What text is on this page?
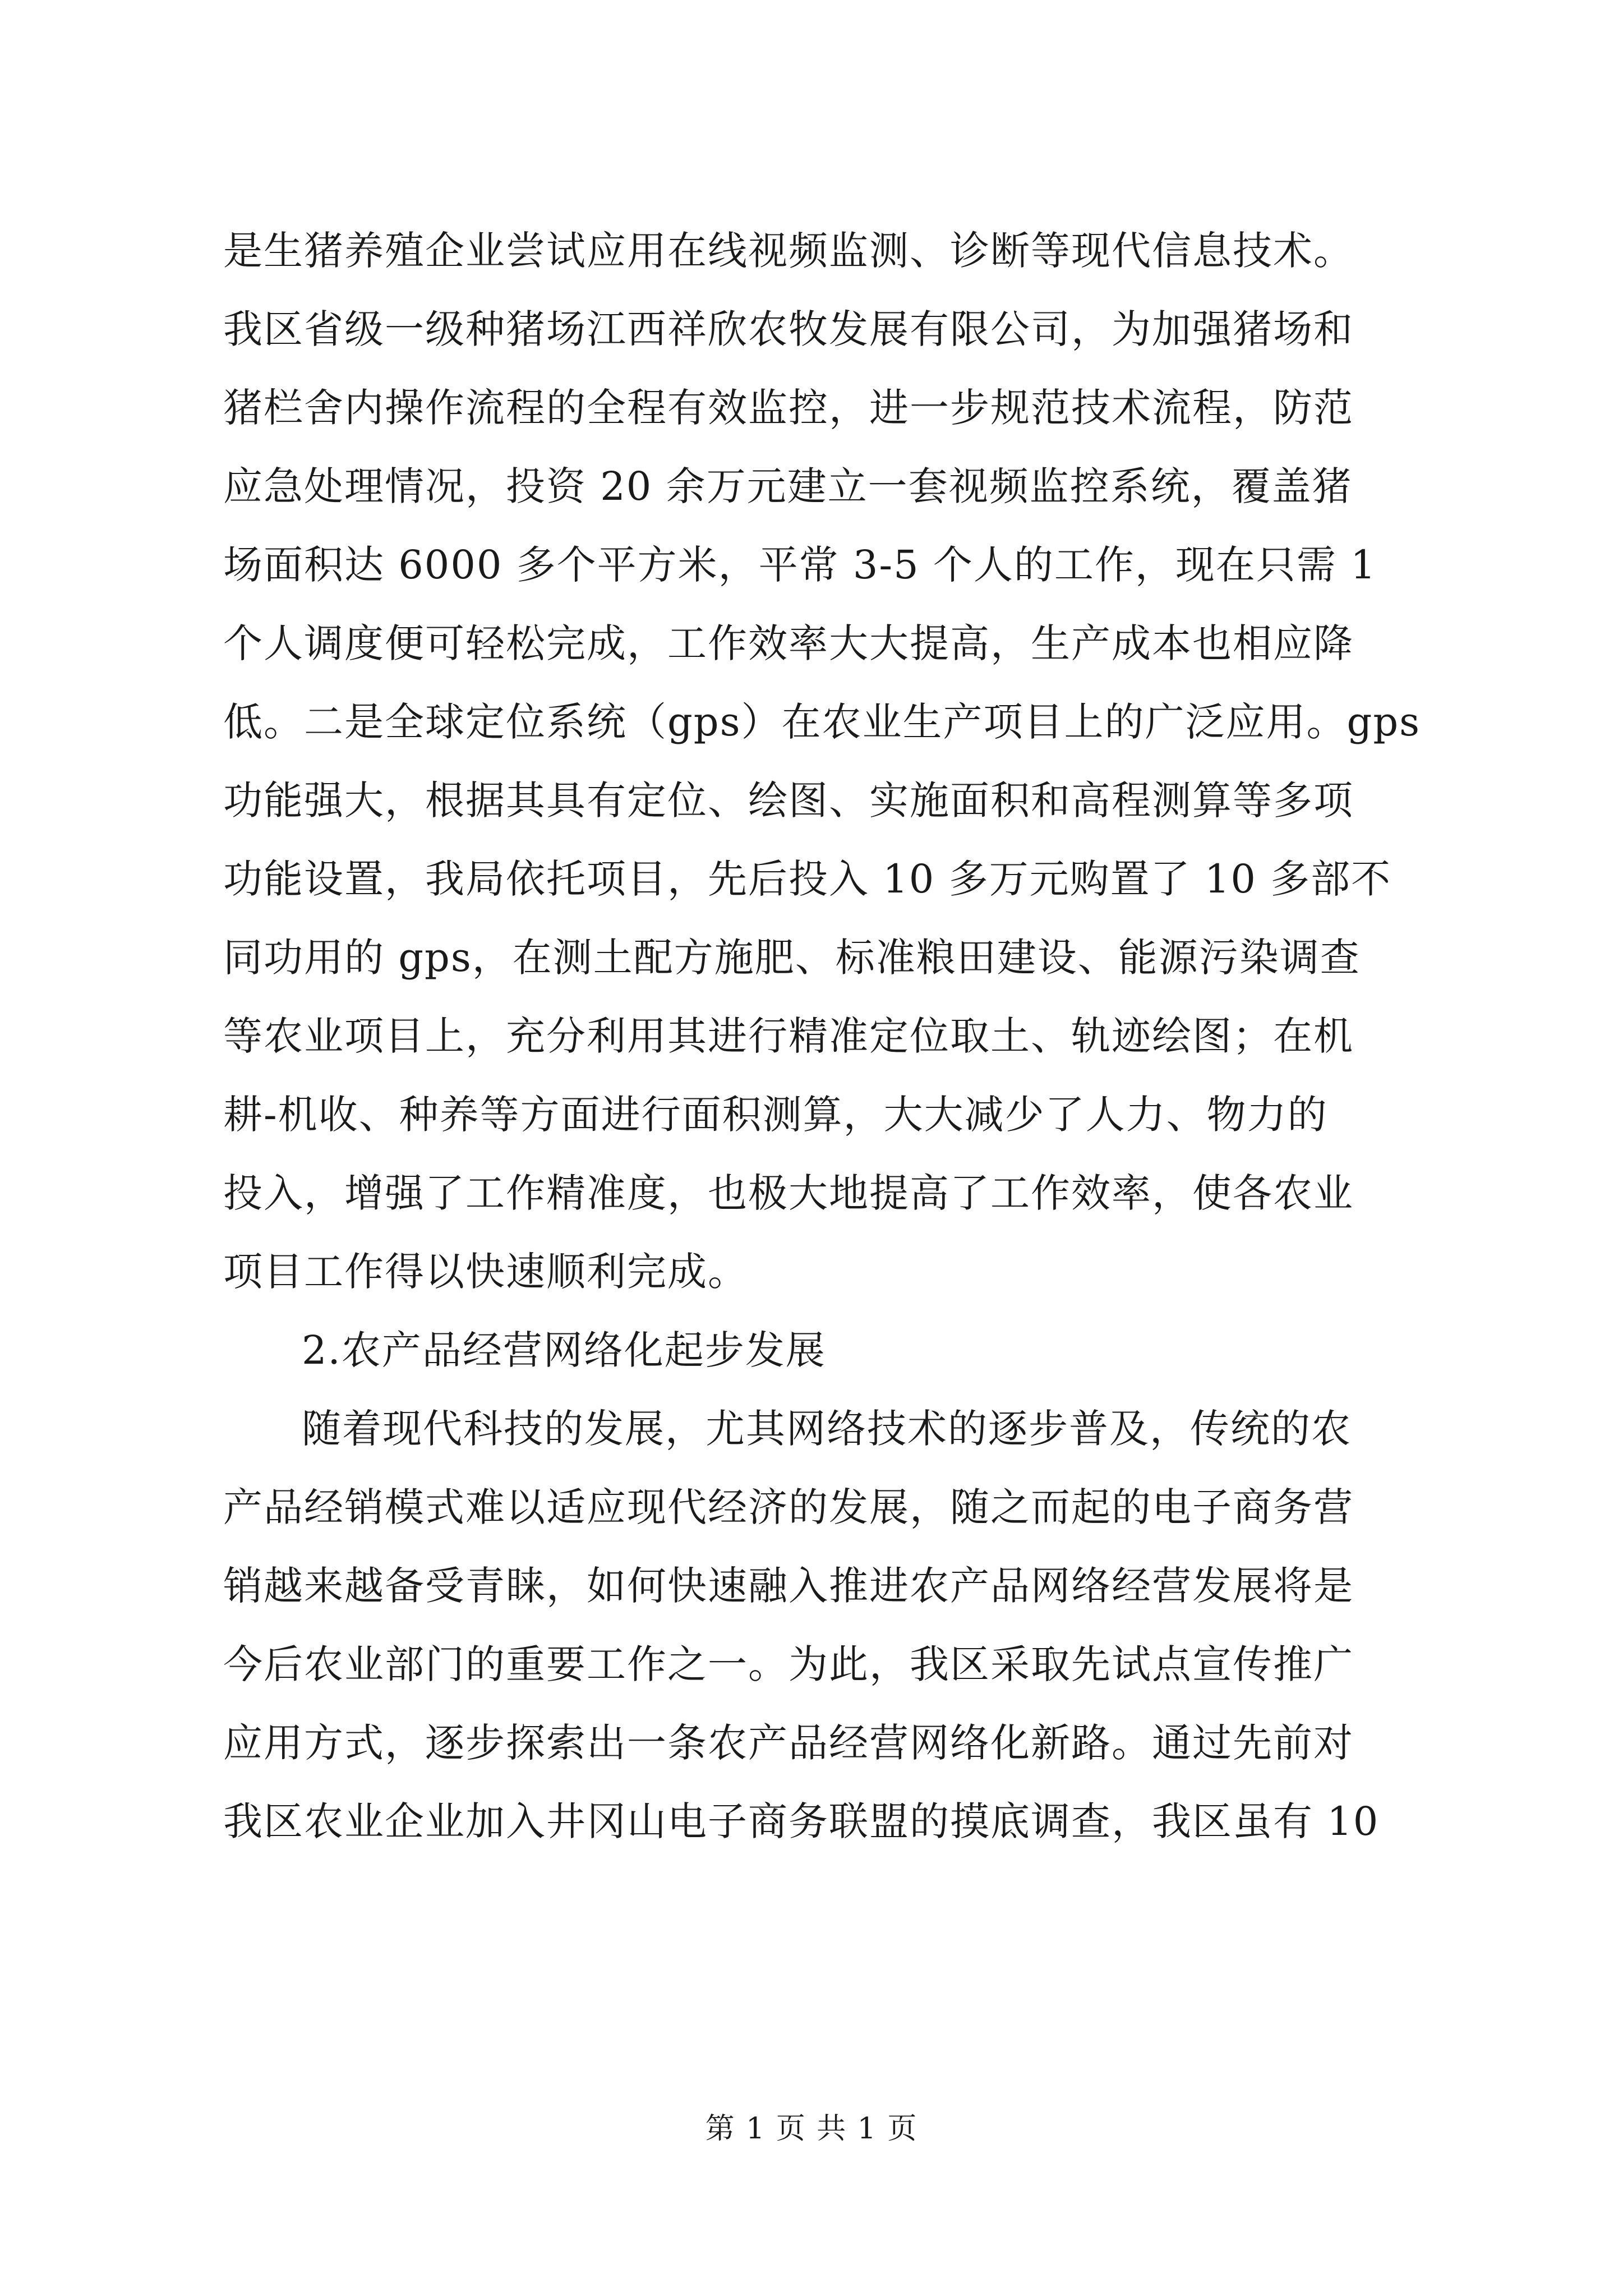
是生猪养殖企业尝试应用在线视频监测、诊断等现代信息技术。
我区省级一级种猪场江西祥欣农牧发展有限公司，为加强猪场和
猪栏舍内操作流程的全程有效监控，进一步规范技术流程，防范
应急处理情况，投资 20 余万元建立一套视频监控系统，覆盖猪
场面积达 6000 多个平方米，平常 3-5 个人的工作，现在只需 1
个人调度便可轻松完成，工作效率大大提高，生产成本也相应降
低。二是全球定位系统（gps）在农业生产项目上的广泛应用。gps
功能强大，根据其具有定位、绘图、实施面积和高程测算等多项
功能设置，我局依托项目，先后投入 10 多万元购置了 10 多部不
同功用的 gps，在测土配方施肥、标准粮田建设、能源污染调查
等农业项目上，充分利用其进行精准定位取土、轨迹绘图；在机
耕-机收、种养等方面进行面积测算，大大减少了人力、物力的
投入，增强了工作精准度，也极大地提高了工作效率，使各农业
项目工作得以快速顺利完成。
2.农产品经营网络化起步发展
随着现代科技的发展，尤其网络技术的逐步普及，传统的农
产品经销模式难以适应现代经济的发展，随之而起的电子商务营
销越来越备受青睐，如何快速融入推进农产品网络经营发展将是
今后农业部门的重要工作之一。为此，我区采取先试点宣传推广
应用方式，逐步探索出一条农产品经营网络化新路。通过先前对
我区农业企业加入井冈山电子商务联盟的摸底调查，我区虽有 10
第 1 页 共 1 页
